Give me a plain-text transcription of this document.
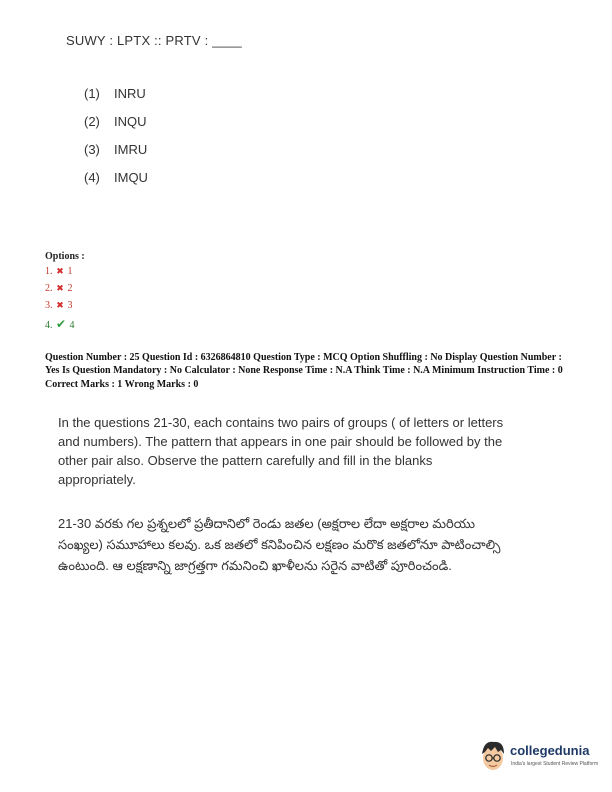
SUWY : LPTX :: PRTV : ____
(1) INRU
(2) INQU
(3) IMRU
(4) IMQU
Options :
1. ✖ 1
2. ✖ 2
3. ✖ 3
4. ✔ 4
Question Number : 25 Question Id : 6326864810 Question Type : MCQ Option Shuffling : No Display Question Number : Yes Is Question Mandatory : No Calculator : None Response Time : N.A Think Time : N.A Minimum Instruction Time : 0
Correct Marks : 1 Wrong Marks : 0
In the questions 21-30, each contains two pairs of groups ( of letters or letters and numbers). The pattern that appears in one pair should be followed by the other pair also. Observe the pattern carefully and fill in the blanks appropriately.
21-30 వరకు గల ప్రశ్నలలో ప్రతీదానిలో రెండు జతల (అక్షరాల లేదా అక్షరాల మరియు సంఖ్యల) సమూహాలు కలవు. ఒక జతలో కనిపించిన లక్షణం మరొక జతలోనూ పాటించాల్సి ఉంటుంది. ఆ లక్షణాన్ని జాగ్రత్తగా గమనించి ఖాళీలను సరైన వాటితో పూరించండి.
collegedunia
India's largest Student Review Platform
